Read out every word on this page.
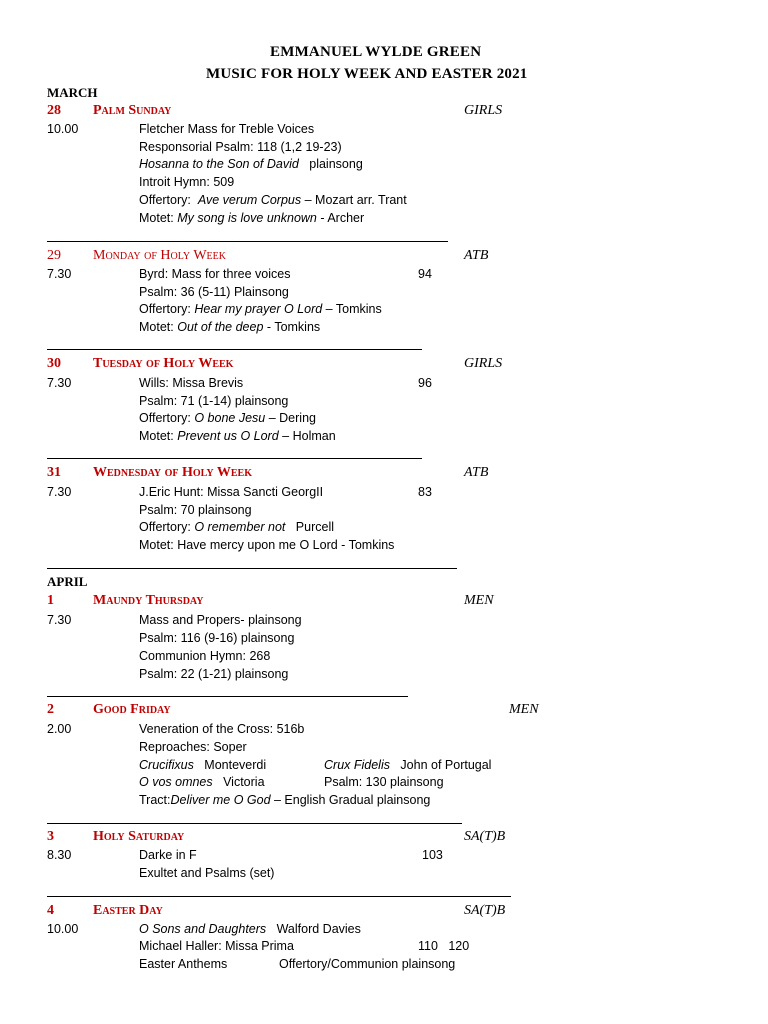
EMMANUEL WYLDE GREEN
MUSIC FOR HOLY WEEK AND EASTER 2021
MARCH
28 Palm Sunday	GIRLS
10.00	Fletcher Mass for Treble Voices
Responsorial Psalm: 118 (1,2 19-23)
Hosanna to the Son of David plainsong
Introit Hymn: 509
Offertory: Ave verum Corpus – Mozart arr. Trant
Motet: My song is love unknown - Archer
29 Monday of Holy Week	ATB
7.30	Byrd: Mass for three voices	94
Psalm: 36 (5-11) Plainsong
Offertory: Hear my prayer O Lord – Tomkins
Motet: Out of the deep - Tomkins
30 Tuesday of Holy Week	GIRLS
7.30	Wills: Missa Brevis	96
Psalm: 71 (1-14) plainsong
Offertory: O bone Jesu – Dering
Motet: Prevent us O Lord – Holman
31 Wednesday of Holy Week	ATB
7.30	J.Eric Hunt: Missa Sancti GeorgII	83
Psalm: 70 plainsong
Offertory: O remember not Purcell
Motet: Have mercy upon me O Lord - Tomkins
APRIL
1	Maundy Thursday	MEN
7.30	Mass and Propers- plainsong
Psalm: 116 (9-16) plainsong
Communion Hymn: 268
Psalm: 22 (1-21) plainsong
2	Good Friday	MEN
2.00	Veneration of the Cross: 516b
Reproaches: Soper
Crucifixus Monteverdi	Crux Fidelis John of Portugal
O vos omnes Victoria	Psalm: 130 plainsong
Tract:Deliver me O God – English Gradual plainsong
3	Holy Saturday	SA(T)B
8.30	Darke in F	103
Exultet and Psalms (set)
4	Easter Day	SA(T)B
10.00	O Sons and Daughters Walford Davies
Michael Haller: Missa Prima	110   120
Easter Anthems	Offertory/Communion plainsong
